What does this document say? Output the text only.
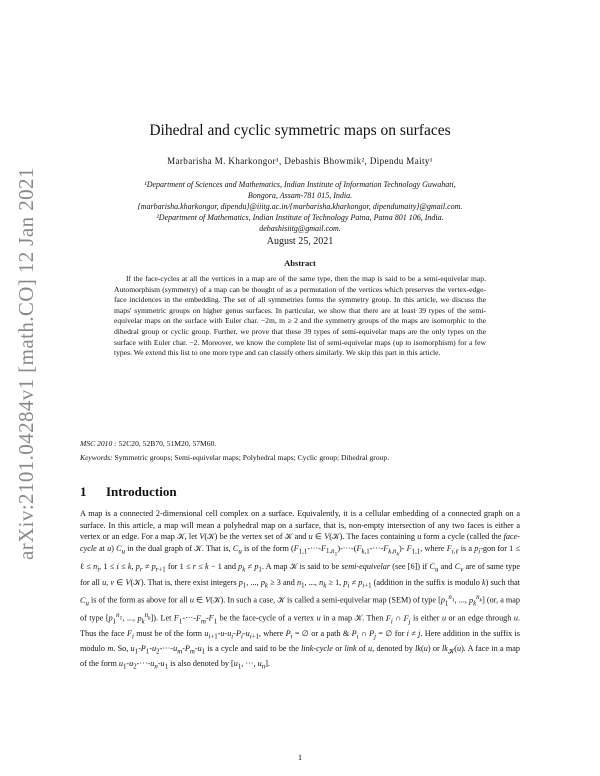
arXiv:2101.04284v1 [math.CO] 12 Jan 2021
Dihedral and cyclic symmetric maps on surfaces
Marbarisha M. Kharkongor¹, Debashis Bhowmik², Dipendu Maity¹
¹Department of Sciences and Mathematics, Indian Institute of Information Technology Guwahati,
Bongora, Assam-781 015, India.
{marbarisha.kharkongor, dipendu}@iiitg.ac.in/{marbarisha.kharkongor, dipendumaity}@gmail.com.
²Department of Mathematics, Indian Institute of Technology Patna, Patna 801 106, India.
debashisiitg@gmail.com.
August 25, 2021
Abstract

If the face-cycles at all the vertices in a map are of the same type, then the map is said to be a semi-equivelar map. Automorphism (symmetry) of a map can be thought of as a permutation of the vertices which preserves the vertex-edge-face incidences in the embedding. The set of all symmetries forms the symmetry group. In this article, we discuss the maps' symmetric groups on higher genus surfaces. In particular, we show that there are at least 39 types of the semi-equivelar maps on the surface with Euler char. −2m, m ≥ 2 and the symmetry groups of the maps are isomorphic to the dihedral group or cyclic group. Further, we prove that these 39 types of semi-equivelar maps are the only types on the surface with Euler char. −2. Moreover, we know the complete list of semi-equivelar maps (up to isomorphism) for a few types. We extend this list to one more type and can classify others similarly. We skip this part in this article.

MSC 2010 : 52C20, 52B70, 51M20, 57M60.
Keywords: Symmetric groups; Semi-equivelar maps; Polyhedral maps; Cyclic group; Dihedral group.
1 Introduction

A map is a connected 2-dimensional cell complex on a surface. Equivalently, it is a cellular embedding of a connected graph on a surface. In this article, a map will mean a polyhedral map on a surface, that is, non-empty intersection of any two faces is either a vertex or an edge. For a map 𝒦, let V(𝒦) be the vertex set of 𝒦 and u ∈ V(𝒦). The faces containing u form a cycle (called the face-cycle at u) $C_u$ in the dual graph of 𝒦. That is, $C_u$ is of the form $(F_{1,1}-\cdot\cdot\cdot-F_{1,n_1})-\cdot\cdot\cdot-(F_{k,1}-\cdot\cdot\cdot-F_{k,n_k})-$ $F_{1,1}$, where $F_{i,\ell}$ is a $p_i$-gon for 1 ≤ ℓ ≤ $n_i$, 1 ≤ i ≤ k, $p_r \ne p_{r+1}$ for 1 ≤ r ≤ k − 1 and $p_k \ne p_1$. A map 𝒦 is said to be semi-equivelar (see [6]) if $C_u$ and $C_v$ are of same type for all u, v ∈ V(𝒦). That is, there exist integers $p_1$, ..., $p_k \ge 3$ and $n_1$, ..., $n_k \ge 1$, $p_i \ne p_{i+1}$ (addition in the suffix is modulo k) such that $C_u$ is of the form as above for all u ∈ V(𝒦). In such a case, 𝒦 is called a semi-equivelar map (SEM) of type [$p_1^{n_1}$, ..., $p_k^{n_k}$] (or, a map of type [$p_1^{n_1}$, ..., $p_k^{n_k}$]). Let $F_1-\cdot\cdot\cdot-F_m-F_1$ be the face-cycle of a vertex u in a map 𝒦. Then $F_i$ ∩ $F_j$ is either u or an edge through u. Thus the face $F_i$ must be of the form $u_{i+1}-u-u_i-P_i-u_{i+1}$, where $P_i$ = ∅ or a path & $P_i$ ∩ $P_j$ = ∅ for i ≠ j. Here addition in the suffix is modulo m. So, $u_1-P_1-u_2-\cdot\cdot\cdot-u_m-P_m-u_1$ is a cycle and said to be the link-cycle or link of u, denoted by lk(u) or $lk_𝒦(u)$. A face in a map of the form $u_1-u_2-\cdot\cdot\cdot-u_n-u_1$ is also denoted by [$u_1$, ···, $u_n$].

1
